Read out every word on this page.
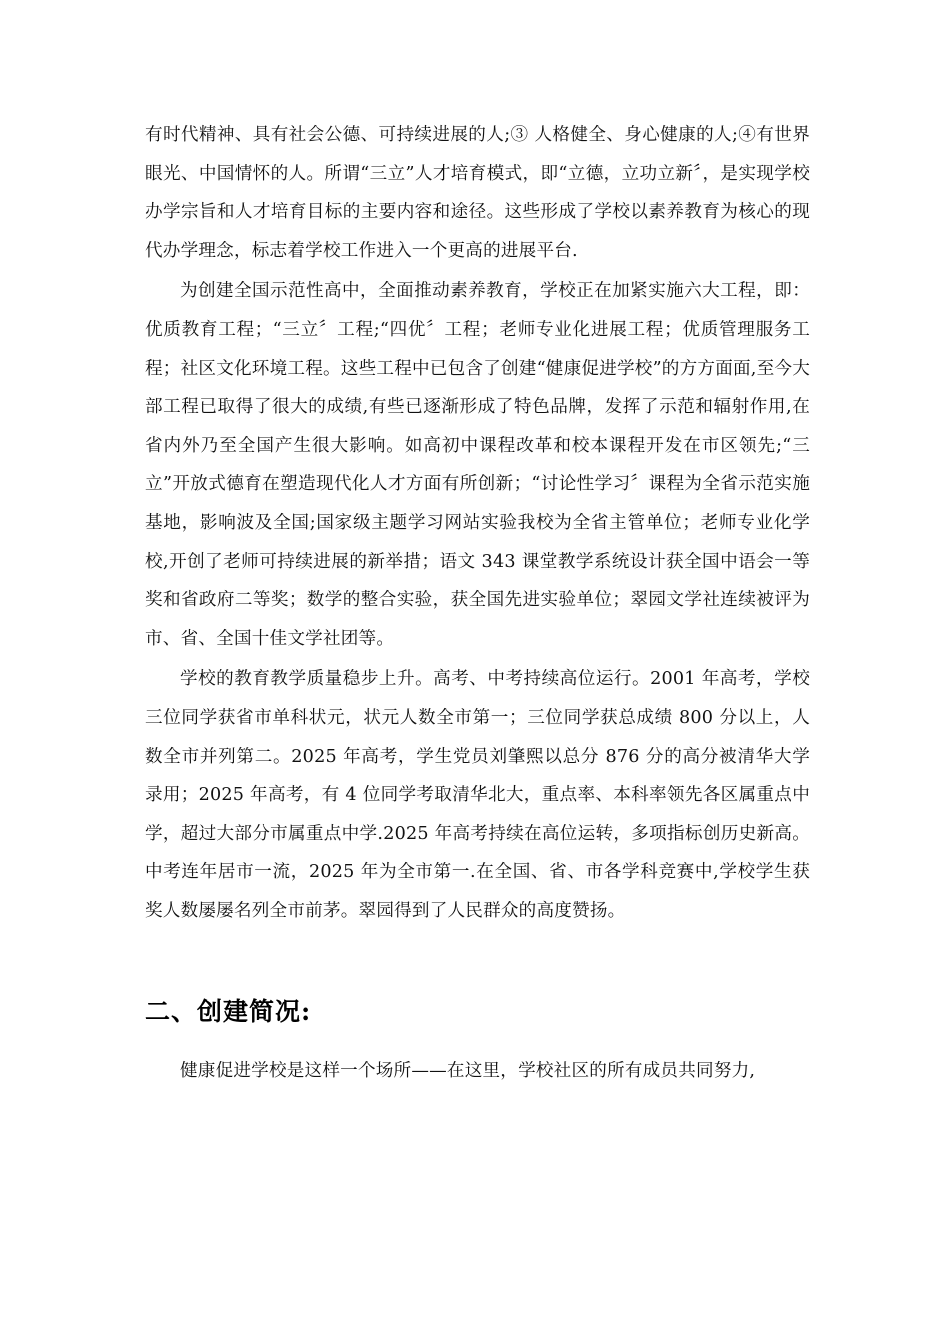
有时代精神、具有社会公德、可持续进展的人;③ 人格健全、身心健康的人;④有世界眼光、中国情怀的人。所谓“三立”人才培育模式，即“立德，立功立新〞，是实现学校办学宗旨和人才培育目标的主要内容和途径。这些形成了学校以素养教育为核心的现代办学理念，标志着学校工作进入一个更高的进展平台.

为创建全国示范性高中，全面推动素养教育，学校正在加紧实施六大工程，即：优质教育工程；“三立〞工程;“四优〞工程；老师专业化进展工程；优质管理服务工程；社区文化环境工程。这些工程中已包含了创建“健康促进学校”的方方面面,至今大部工程已取得了很大的成绩,有些已逐渐形成了特色品牌，发挥了示范和辐射作用,在省内外乃至全国产生很大影响。如高初中课程改革和校本课程开发在市区领先;“三立”开放式德育在塑造现代化人才方面有所创新；“讨论性学习〞课程为全省示范实施基地，影响波及全国;国家级主题学习网站实验我校为全省主管单位；老师专业化学校,开创了老师可持续进展的新举措；语文 343 课堂教学系统设计获全国中语会一等奖和省政府二等奖；数学的整合实验，获全国先进实验单位；翠园文学社连续被评为市、省、全国十佳文学社团等。

学校的教育教学质量稳步上升。高考、中考持续高位运行。2001 年高考，学校三位同学获省市单科状元，状元人数全市第一；三位同学获总成绩 800 分以上，人数全市并列第二。2025 年高考，学生党员刘肇熙以总分 876 分的高分被清华大学录用；2025 年高考，有 4 位同学考取清华北大，重点率、本科率领先各区属重点中学，超过大部分市属重点中学.2025 年高考持续在高位运转，多项指标创历史新高。中考连年居市一流，2025 年为全市第一.在全国、省、市各学科竞赛中,学校学生获奖人数屡屡名列全市前茅。翠园得到了人民群众的高度赞扬。

二、创建简况:

健康促进学校是这样一个场所——在这里，学校社区的所有成员共同努力,
